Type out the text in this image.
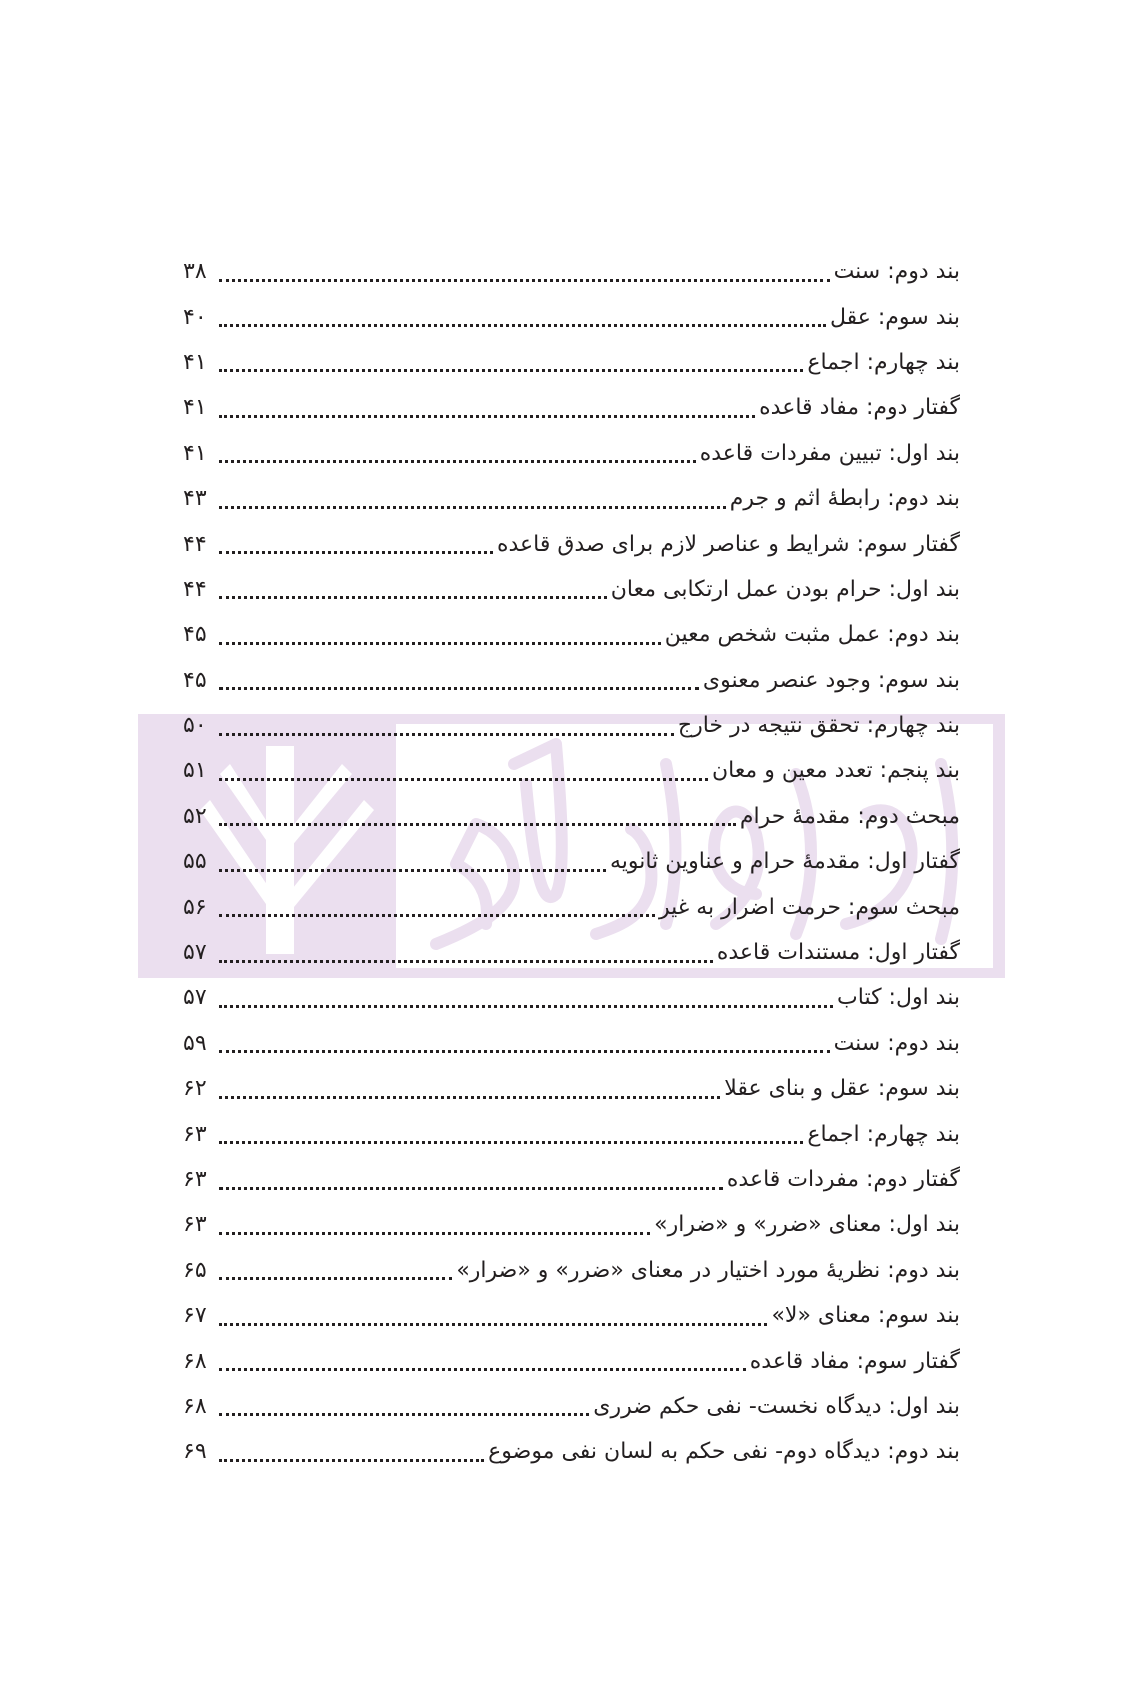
بند دوم: سنت
۳۸
بند سوم: عقل
۴۰
بند چهارم: اجماع
۴۱
گفتار دوم: مفاد قاعده
۴۱
بند اول: تبیین مفردات قاعده
۴۱
بند دوم: رابطۀ اثم و جرم
۴۳
گفتار سوم: شرایط و عناصر لازم برای صدق قاعده
۴۴
بند اول: حرام بودن عمل ارتکابی معان
۴۴
بند دوم: عمل مثبت شخص معین
۴۵
بند سوم: وجود عنصر معنوی
۴۵
بند چهارم: تحقق نتیجه در خارج
۵۰
بند پنجم: تعدد معین و معان
۵۱
مبحث دوم: مقدمۀ حرام
۵۲
گفتار اول: مقدمۀ حرام و عناوین ثانویه
۵۵
مبحث سوم: حرمت اضرار به غیر
۵۶
گفتار اول: مستندات قاعده
۵۷
بند اول: کتاب
۵۷
بند دوم: سنت
۵۹
بند سوم: عقل و بنای عقلا
۶۲
بند چهارم: اجماع
۶۳
گفتار دوم: مفردات قاعده
۶۳
بند اول: معنای «ضرر» و «ضرار»
۶۳
بند دوم: نظریۀ مورد اختیار در معنای «ضرر» و «ضرار»
۶۵
بند سوم: معنای «لا»
۶۷
گفتار سوم: مفاد قاعده
۶۸
بند اول: دیدگاه نخست- نفی حکم ضرری
۶۸
بند دوم: دیدگاه دوم- نفی حکم به لسان نفی موضوع
۶۹
